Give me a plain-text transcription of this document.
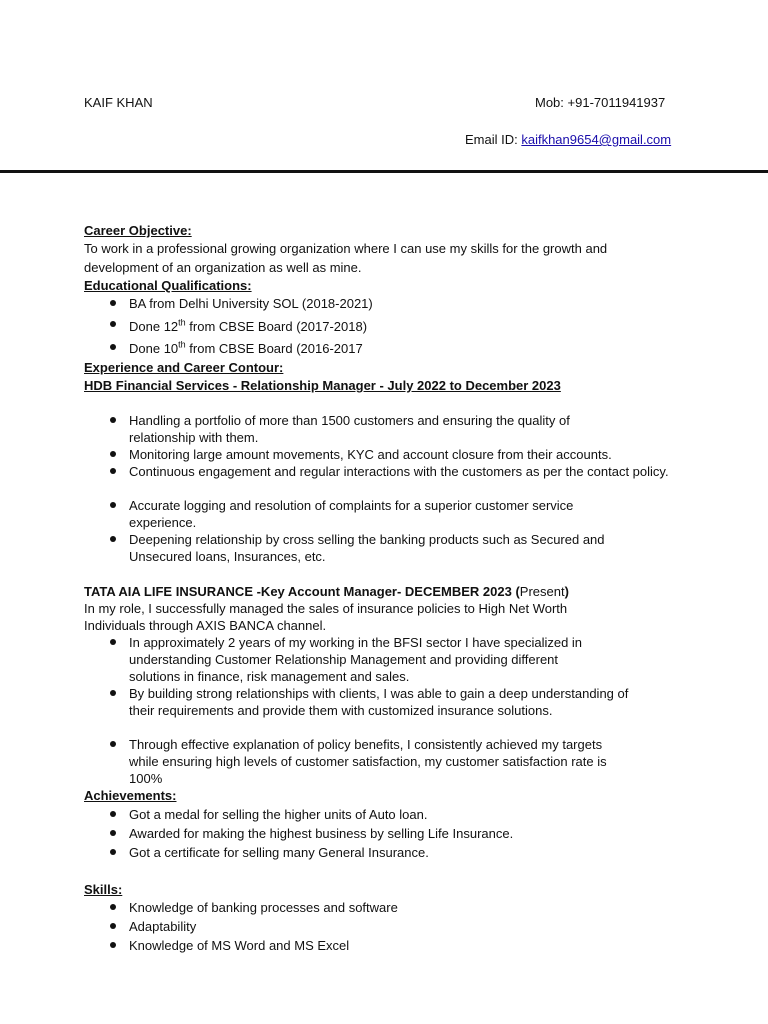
KAIF KHAN	Mob: +91-7011941937
Email ID: kaifkhan9654@gmail.com
Career Objective:
To work in a professional growing organization where I can use my skills for the growth and development of an organization as well as mine.
Educational Qualifications:
BA from Delhi University SOL (2018-2021)
Done 12th from CBSE Board (2017-2018)
Done 10th from CBSE Board (2016-2017
Experience and Career Contour:
HDB Financial Services - Relationship Manager - July 2022 to December 2023
Handling a portfolio of more than 1500 customers and ensuring the quality of relationship with them.
Monitoring large amount movements, KYC and account closure from their accounts.
Continuous engagement and regular interactions with the customers as per the contact policy.
Accurate logging and resolution of complaints for a superior customer service experience.
Deepening relationship by cross selling the banking products such as Secured and Unsecured loans, Insurances, etc.
TATA AIA LIFE INSURANCE -Key Account Manager- DECEMBER 2023 (Present)
In my role, I successfully managed the sales of insurance policies to High Net Worth Individuals through AXIS BANCA channel.
In approximately 2 years of my working in the BFSI sector I have specialized in understanding Customer Relationship Management and providing different solutions in finance, risk management and sales.
By building strong relationships with clients, I was able to gain a deep understanding of their requirements and provide them with customized insurance solutions.
Through effective explanation of policy benefits, I consistently achieved my targets while ensuring high levels of customer satisfaction, my customer satisfaction rate is 100%
Achievements:
Got a medal for selling the higher units of Auto loan.
Awarded for making the highest business by selling Life Insurance.
Got a certificate for selling many General Insurance.
Skills:
Knowledge of banking processes and software
Adaptability
Knowledge of MS Word and MS Excel
